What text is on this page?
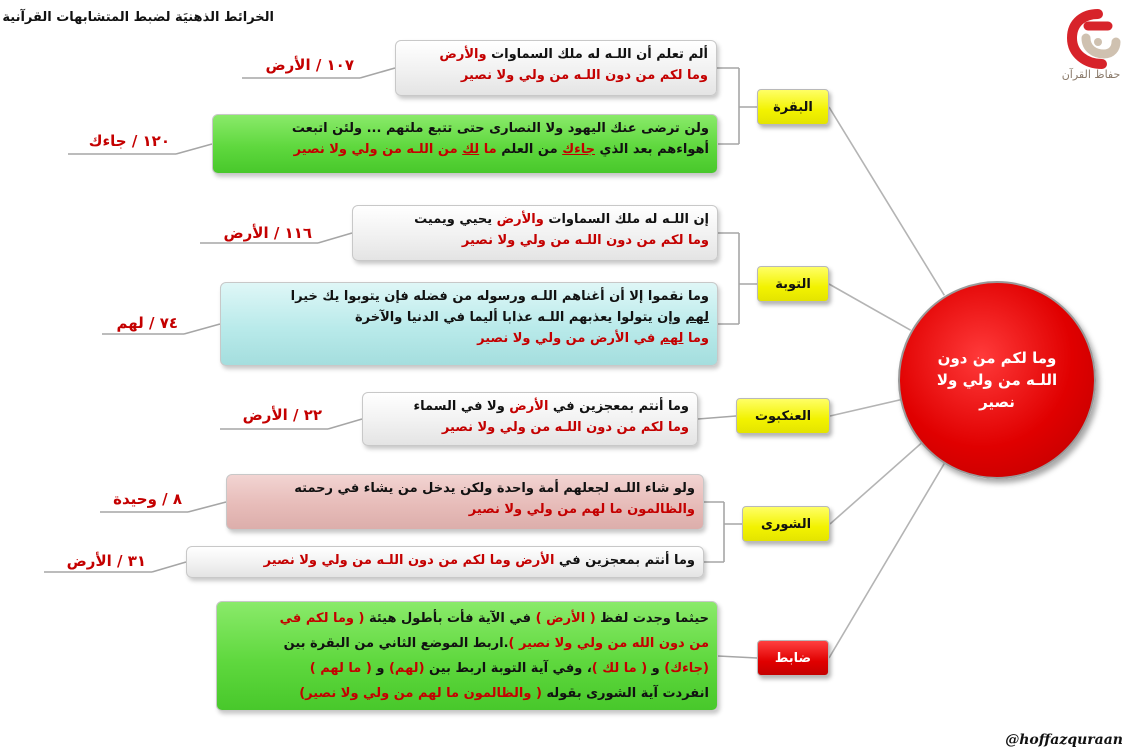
الخرائط الذهنيَة لضبط المتشابهات القرآنية
حفاظ القرآن
وما لكم من دون اللـه من ولي ولا نصير
البقرة
التوبة
العنكبوت
الشورى
ضابط
ألم تعلم أن اللـه له ملك السماوات والأرض
وما لكم من دون اللـه من ولي ولا نصير
ولن ترضى عنك اليهود ولا النصارى حتى تتبع ملتهم ... ولئن اتبعت
أهواءهم بعد الذي جاءك من العلم ما لك من اللـه من ولي ولا نصير
إن اللـه له ملك السماوات والأرض يحيي ويميت
وما لكم من دون اللـه من ولي ولا نصير
وما نقموا إلا أن أغناهم اللـه ورسوله من فضله فإن يتوبوا يك خيرا
لهم وإن يتولوا يعذبهم اللـه عذابا أليما في الدنيا والآخرة
وما لهم في الأرض من ولي ولا نصير
وما أنتم بمعجزين في الأرض ولا في السماء
وما لكم من دون اللـه من ولي ولا نصير
ولو شاء اللـه لجعلهم أمة واحدة ولكن يدخل من يشاء في رحمته
والظالمون ما لهم من ولي ولا نصير
وما أنتم بمعجزين في الأرض وما لكم من دون اللـه من ولي ولا نصير
حيثما وجدت لفظ ( الأرض ) في الآية فأت بأطول هيئة ( وما لكم في
من دون الله من ولي ولا نصير ).اربط الموضع الثاني من البقرة بين
(جاءك) و ( ما لك )، وفي آية التوبة اربط بين (لهم) و ( ما لهم )
انفردت آية الشورى بقوله ( والظالمون ما لهم من ولي ولا نصير)
١٠٧ / الأرض
١٢٠ / جاءك
١١٦ / الأرض
٧٤ / لهم
٢٢ / الأرض
٨ / وحيدة
٣١ / الأرض
@hoffazquraan
